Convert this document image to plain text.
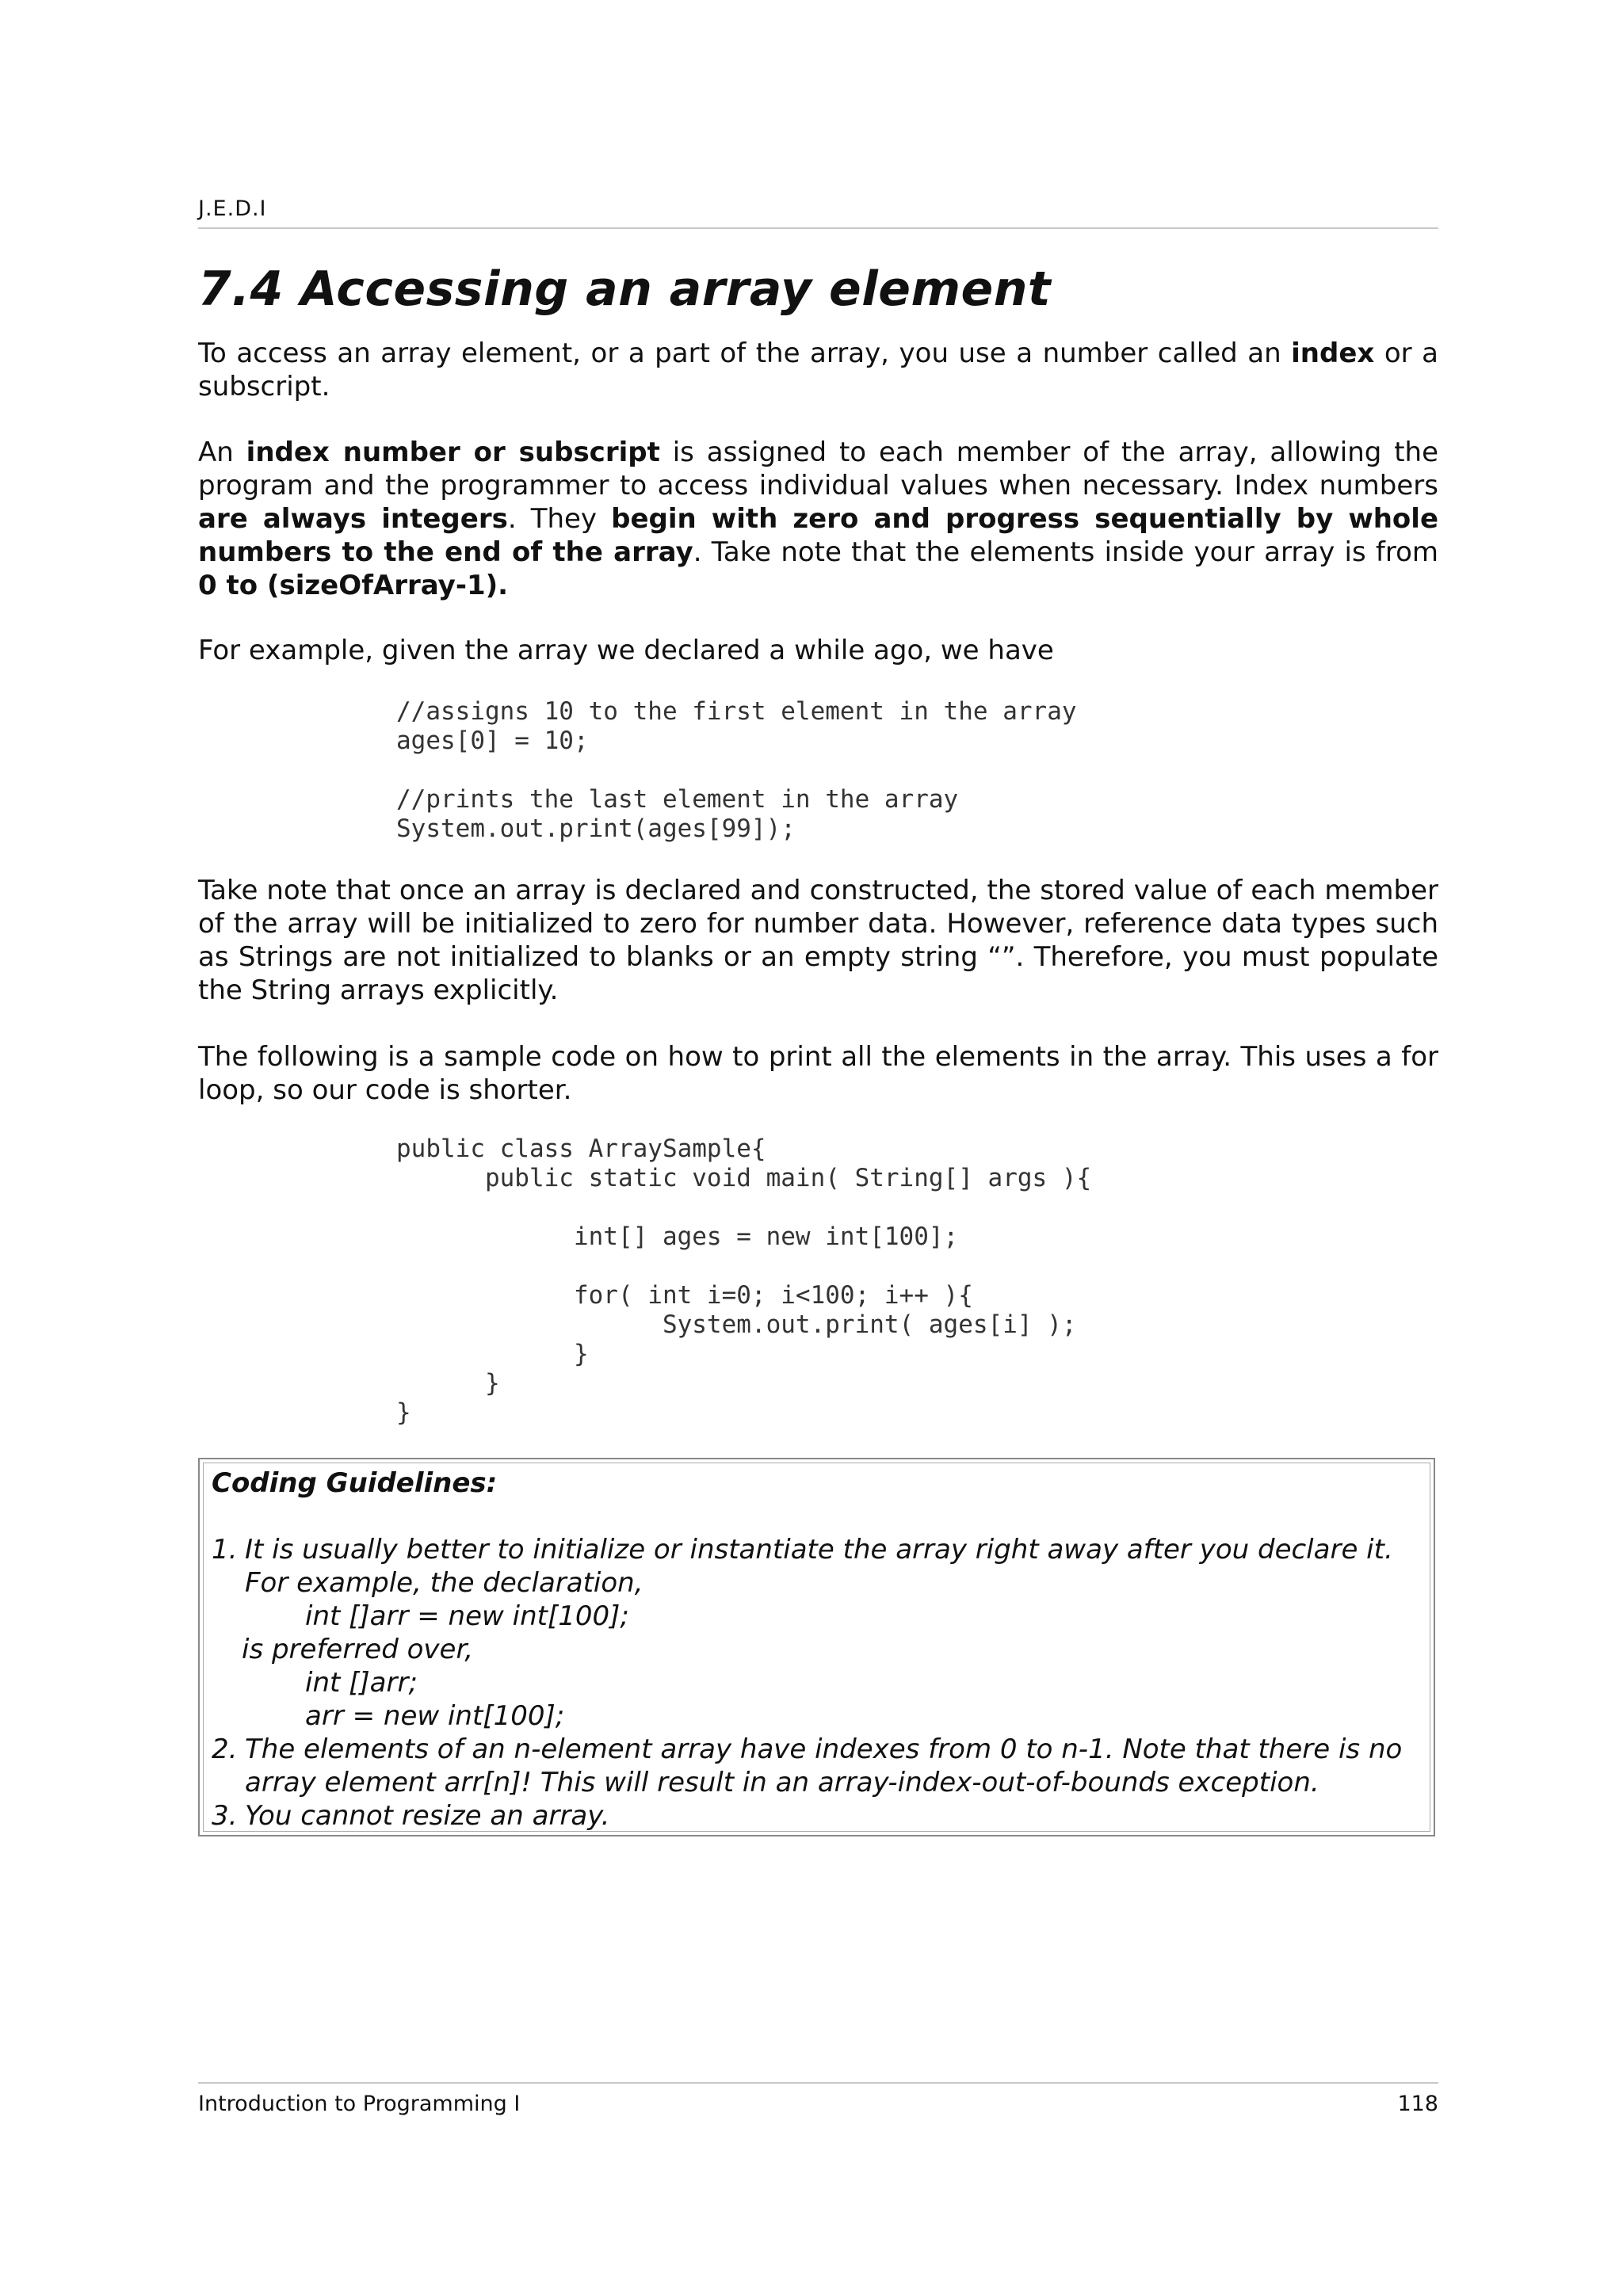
J.E.D.I
7.4 Accessing an array element
To access an array element, or a part of the array, you use a number called an index or a subscript.
An index number or subscript is assigned to each member of the array, allowing the program and the programmer to access individual values when necessary. Index numbers are always integers. They begin with zero and progress sequentially by whole numbers to the end of the array. Take note that the elements inside your array is from 0 to (sizeOfArray-1).
For example, given the array we declared a while ago, we have
//assigns 10 to the first element in the array
ages[0] = 10;

//prints the last element in the array
System.out.print(ages[99]);
Take note that once an array is declared and constructed, the stored value of each member of the array will be initialized to zero for number data. However, reference data types such as Strings are not initialized to blanks or an empty string “”. Therefore, you must populate the String arrays explicitly.
The following is a sample code on how to print all the elements in the array. This uses a for loop, so our code is shorter.
public class ArraySample{
public static void main( String[] args ){

int[] ages = new int[100];

for( int i=0; i<100; i++ ){
System.out.print( ages[i] );
}
}
}
Coding Guidelines:
1. It is usually better to initialize or instantiate the array right away after you declare it.
For example, the declaration,
int []arr = new int[100];
is preferred over,
int []arr;
arr = new int[100];
2. The elements of an n-element array have indexes from 0 to n-1. Note that there is no
array element arr[n]! This will result in an array-index-out-of-bounds exception.
3. You cannot resize an array.
Introduction to Programming I	118
